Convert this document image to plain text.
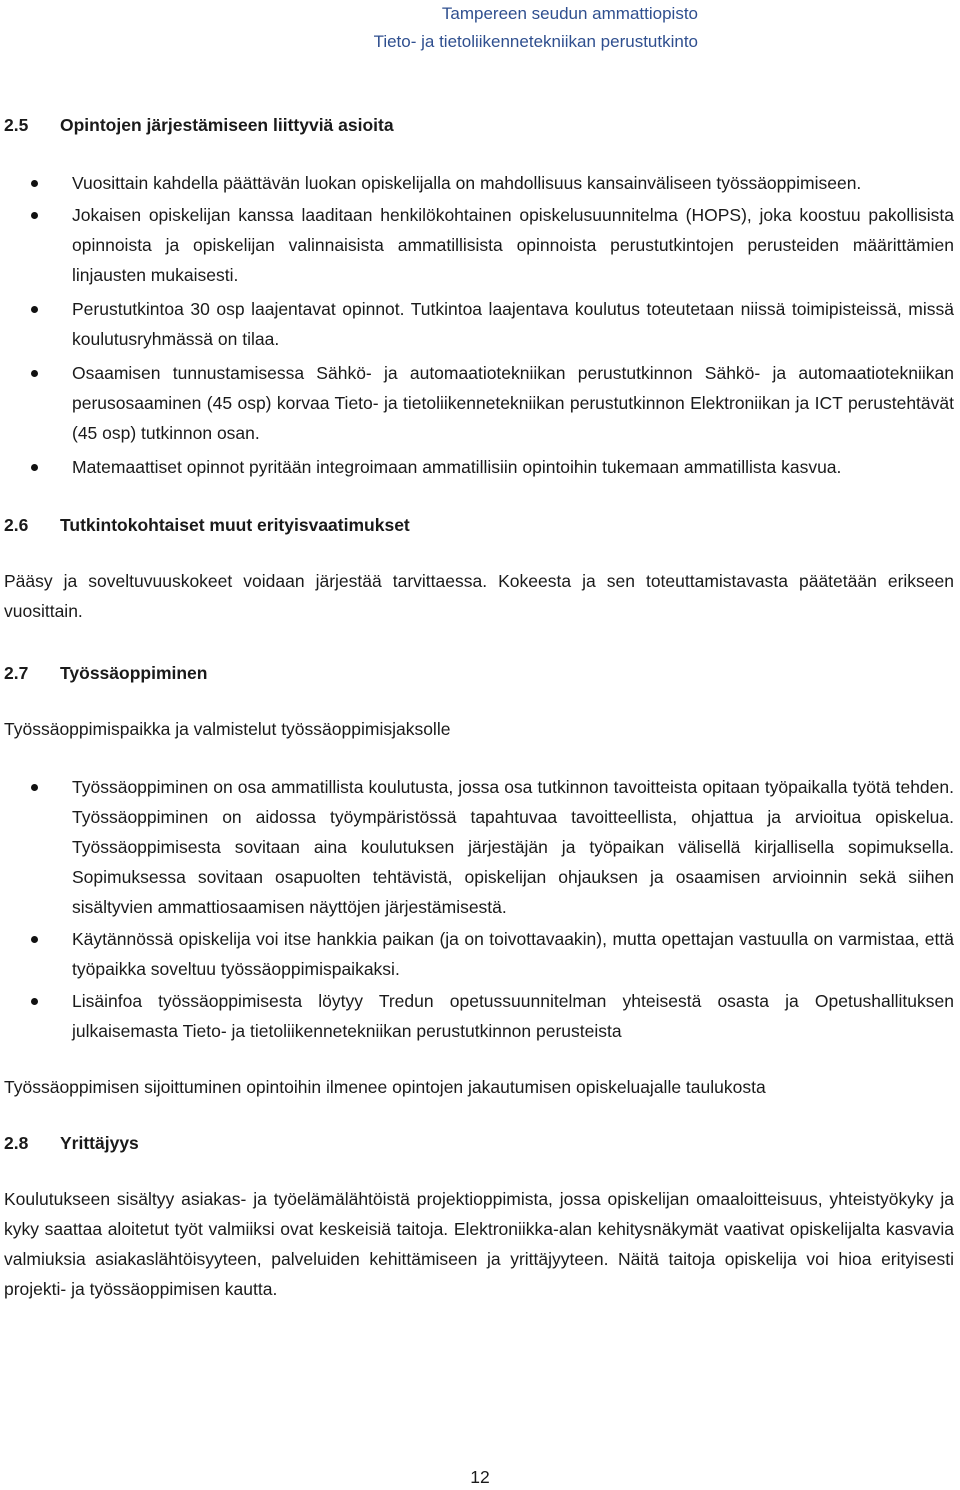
Tampereen seudun ammattiopisto
Tieto- ja tietoliikennetekniikan perustutkinto
2.5 Opintojen järjestämiseen liittyviä asioita
Vuosittain kahdella päättävän luokan opiskelijalla on mahdollisuus kansainväliseen työssäoppimiseen.
Jokaisen opiskelijan kanssa laaditaan henkilökohtainen opiskelusuunnitelma (HOPS), joka koostuu pakollisista opinnoista ja opiskelijan valinnaisista ammatillisista opinnoista perustutkintojen perusteiden määrittämien linjausten mukaisesti.
Perustutkintoa 30 osp laajentavat opinnot. Tutkintoa laajentava koulutus toteutetaan niissä toimipisteissä, missä koulutusryhmässä on tilaa.
Osaamisen tunnustamisessa Sähkö- ja automaatiotekniikan perustutkinnon Sähkö- ja automaatiotekniikan perusosaaminen (45 osp) korvaa Tieto- ja tietoliikennetekniikan perustutkinnon Elektroniikan ja ICT perustehtävät (45 osp) tutkinnon osan.
Matemaattiset opinnot pyritään integroimaan ammatillisiin opintoihin tukemaan ammatillista kasvua.
2.6 Tutkintokohtaiset muut erityisvaatimukset

Pääsy ja soveltuvuuskokeet voidaan järjestää tarvittaessa. Kokeesta ja sen toteuttamistavasta päätetään erikseen vuosittain.

2.7 Työssäoppiminen

Työssäoppimispaikka ja valmistelut työssäoppimisjaksolle

Työssäoppiminen on osa ammatillista koulutusta, jossa osa tutkinnon tavoitteista opitaan työpaikalla työtä tehden. Työssäoppiminen on aidossa työympäristössä tapahtuvaa tavoitteellista, ohjattua ja arvioitua opiskelua. Työssäoppimisesta sovitaan aina koulutuksen järjestäjän ja työpaikan välisellä kirjallisella sopimuksella. Sopimuksessa sovitaan osapuolten tehtävistä, opiskelijan ohjauksen ja osaamisen arvioinnin sekä siihen sisältyvien ammattiosaamisen näyttöjen järjestämisestä.
Käytännössä opiskelija voi itse hankkia paikan (ja on toivottavaakin), mutta opettajan vastuulla on varmistaa, että työpaikka soveltuu työssäoppimispaikaksi.
Lisäinfoa työssäoppimisesta löytyy Tredun opetussuunnitelman yhteisestä osasta ja Opetushallituksen julkaisemasta Tieto- ja tietoliikennetekniikan perustutkinnon perusteista

Työssäoppimisen sijoittuminen opintoihin ilmenee opintojen jakautumisen opiskeluajalle taulukosta

2.8 Yrittäjyys

Koulutukseen sisältyy asiakas- ja työelämälähtöistä projektioppimista, jossa opiskelijan omaaloitteisuus, yhteistyökyky ja kyky saattaa aloitetut työt valmiiksi ovat keskeisiä taitoja. Elektroniikka-alan kehitysnäkymät vaativat opiskelijalta kasvavia valmiuksia asiakaslähtöisyyteen, palveluiden kehittämiseen ja yrittäjyyteen. Näitä taitoja opiskelija voi hioa erityisesti projekti- ja työssäoppimisen kautta.

12
